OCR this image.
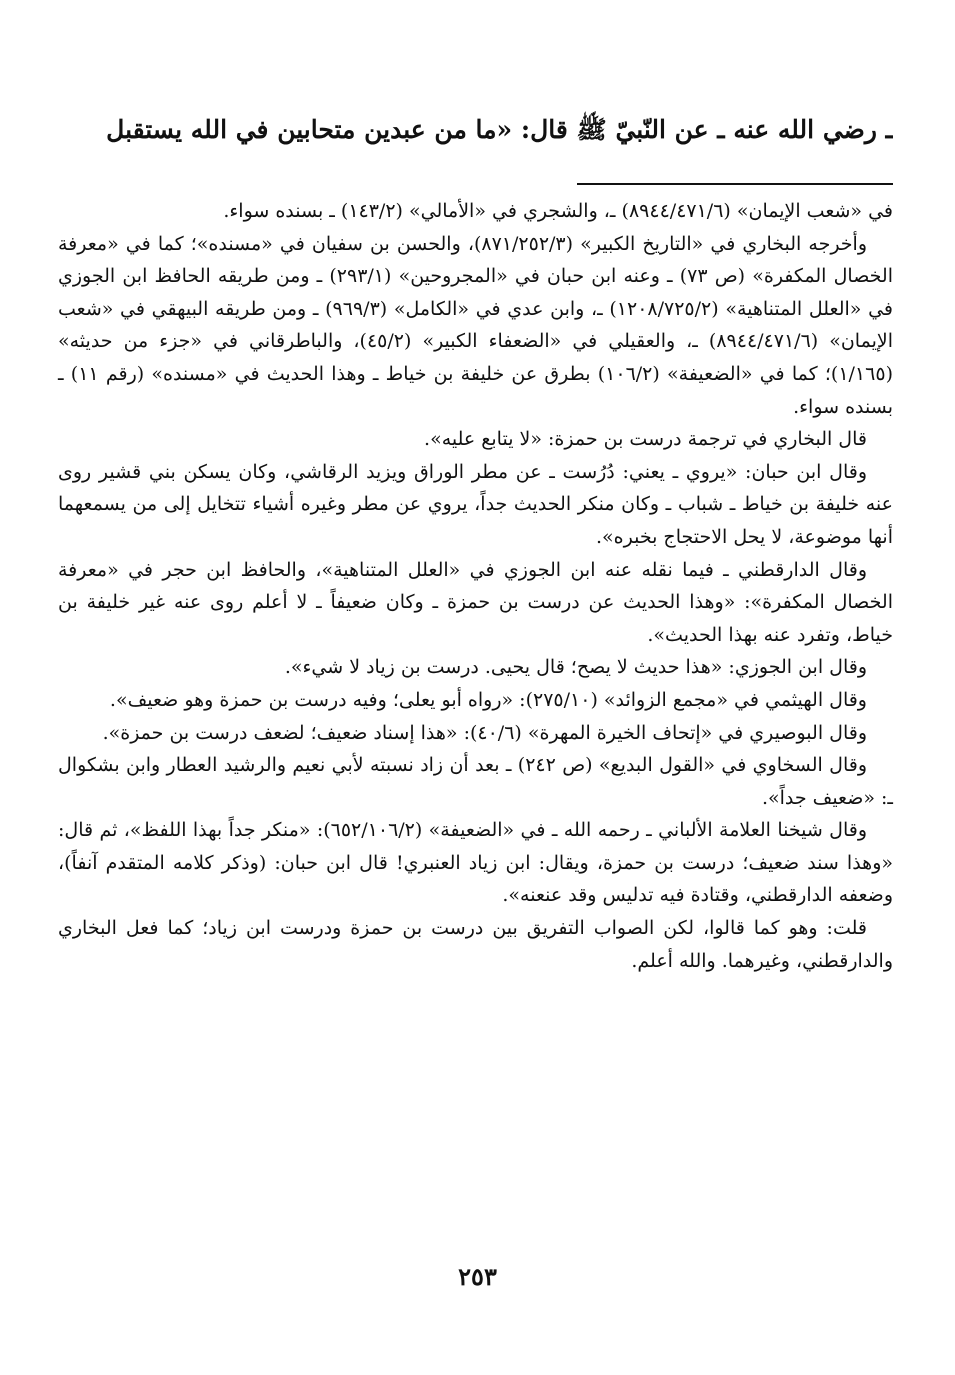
ـ رضي الله عنه ـ عن النّبيّ ﷺ قال: «ما من عبدين متحابين في الله يستقبل

في «شعب الإيمان» (٨٩٤٤/٤٧١/٦) ـ، والشجري في «الأمالي» (١٤٣/٢) ـ بسنده سواء.

وأخرجه البخاري في «التاريخ الكبير» (٨٧١/٢٥٢/٣)، والحسن بن سفيان في «مسنده»؛ كما في «معرفة الخصال المكفرة» (ص ٧٣) ـ وعنه ابن حبان في «المجروحين» (٢٩٣/١) ـ ومن طريقه الحافظ ابن الجوزي في «العلل المتناهية» (١٢٠٨/٧٢٥/٢) ـ، وابن عدي في «الكامل» (٩٦٩/٣) ـ ومن طريقه البيهقي في «شعب الإيمان» (٨٩٤٤/٤٧١/٦) ـ، والعقيلي في «الضعفاء الكبير» (٤٥/٢)، والباطرقاني في «جزء من حديثه» (١/١٦٥)؛ كما في «الضعيفة» (١٠٦/٢) بطرق عن خليفة بن خياط ـ وهذا الحديث في «مسنده» (رقم ١١) ـ بسنده سواء.

قال البخاري في ترجمة درست بن حمزة: «لا يتابع عليه».

وقال ابن حبان: «يروي ـ يعني: دُرُست ـ عن مطر الوراق ويزيد الرقاشي، وكان يسكن بني قشير روى عنه خليفة بن خياط ـ شباب ـ وكان منكر الحديث جداً، يروي عن مطر وغيره أشياء تتخايل إلى من يسمعهما أنها موضوعة، لا يحل الاحتجاج بخبره».

وقال الدارقطني ـ فيما نقله عنه ابن الجوزي في «العلل المتناهية»، والحافظ ابن حجر في «معرفة الخصال المكفرة»: «وهذا الحديث عن درست بن حمزة ـ وكان ضعيفاً ـ لا أعلم روى عنه غير خليفة بن خياط، وتفرد عنه بهذا الحديث».

وقال ابن الجوزي: «هذا حديث لا يصح؛ قال يحيى. درست بن زياد لا شيء».

وقال الهيثمي في «مجمع الزوائد» (٢٧٥/١٠): «رواه أبو يعلى؛ وفيه درست بن حمزة وهو ضعيف».

وقال البوصيري في «إتحاف الخيرة المهرة» (٤٠/٦): «هذا إسناد ضعيف؛ لضعف درست بن حمزة».

وقال السخاوي في «القول البديع» (ص ٢٤٢) ـ بعد أن زاد نسبته لأبي نعيم والرشيد العطار وابن بشكوال ـ: «ضعيف جداً».

وقال شيخنا العلامة الألباني ـ رحمه الله ـ في «الضعيفة» (٦٥٢/١٠٦/٢): «منكر جداً بهذا اللفظ»، ثم قال: «وهذا سند ضعيف؛ درست بن حمزة، ويقال: ابن زياد العنبري! قال ابن حبان: (وذكر كلامه المتقدم آنفاً)، وضعفه الدارقطني، وقتادة فيه تدليس وقد عنعنه».

قلت: وهو كما قالوا، لكن الصواب التفريق بين درست بن حمزة ودرست ابن زياد؛ كما فعل البخاري والدارقطني، وغيرهما. والله أعلم.

٢٥٣
